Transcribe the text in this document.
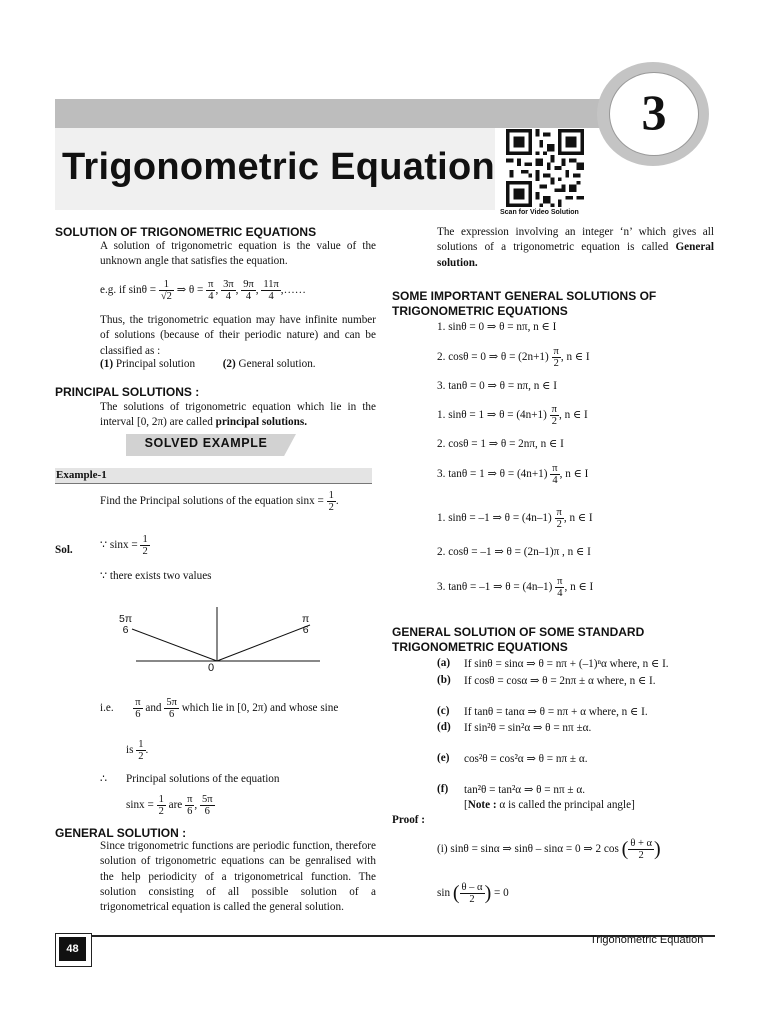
Trigonometric Equation
3
Scan for Video Solution
SOLUTION OF TRIGONOMETRIC EQUATIONS
A solution of trigonometric equation is the value of the unknown angle that satisfies the equation.
e.g. if $\sin\theta = \frac{1}{√2}$ ⇒ $\theta = \frac{\pi}{4}$ , $\frac{3\pi}{4}$ , $\frac{9\pi}{4}$ , $\frac{11\pi}{4}$ ,……
Thus, the trigonometric equation may have infinite number of solutions (because of their periodic nature) and can be classified as :
(1) Principal solution (2) General solution.
PRINCIPAL SOLUTIONS :
The solutions of trigonometric equation which lie in the interval [0, 2π) are called principal solutions.
SOLVED EXAMPLE
Example-1
Find the Principal solutions of the equation $\sin x = \frac{1}{2}$ .
Sol. ∵ $\sin x = \frac{1}{2}$
∵ there exists two values
5π
6
π
6
0
i.e. $\frac{\pi}{6}$ and $\frac{5\pi}{6}$ which lie in [0, 2π) and whose sine
is $\frac{1}{2}$ .
∴ Principal solutions of the equation
$\sin x = \frac{1}{2}$ are $\frac{\pi}{6}$ , $\frac{5\pi}{6}$
GENERAL SOLUTION :
Since trigonometric functions are periodic function, therefore solution of trigonometric equations can be genralised with the help periodicity of a trigonometrical function. The solution consisting of all possible solution of a trigonometrical equation is called the general solution.
The expression involving an integer ‘n’ which gives all solutions of a trigonometric equation is called General solution.
SOME IMPORTANT GENERAL SOLUTIONS OF TRIGONOMETRIC EQUATIONS
1. sinθ = 0 ⇒ θ = nπ, n ∈ I
2. cosθ = 0 ⇒ $\theta = (2n+1) \frac{\pi}{2}$ , n ∈ I
3. tanθ = 0 ⇒ θ = nπ, n ∈ I
1. sinθ = 1 ⇒ $\theta = (4n+1) \frac{\pi}{2}$ , n ∈ I
2. cosθ = 1 ⇒ θ = 2nπ, n ∈ I
3. tanθ = 1 ⇒ $\theta = (4n+1) \frac{\pi}{4}$ , n ∈ I
1. sinθ = –1 ⇒ $\theta = (4n-1) \frac{\pi}{2}$ , n ∈ I
2. cosθ = –1 ⇒ θ = (2n–1)π , n ∈ I
3. tanθ = –1 ⇒ $\theta = (4n-1) \frac{\pi}{4}$ , n ∈ I
GENERAL SOLUTION OF SOME STANDARD TRIGONOMETRIC EQUATIONS
(a) If sinθ = sinα ⇒ θ = nπ + (–1)ⁿα where, n ∈ I.
(b) If cosθ = cosα ⇒ θ = 2nπ ± α where, n ∈ I.
(c) If tanθ = tanα ⇒ θ = nπ + α where, n ∈ I.
(d) If sin²θ = sin²α ⇒ θ = nπ ±α.
(e) cos²θ = cos²α ⇒ θ = nπ ± α.
(f) tan²θ = tan²α ⇒ θ = nπ ± α.
[Note : α is called the principal angle]
Proof :
(i) sinθ = sinα ⇒ sinθ – sinα = 0 ⇒ 2 cos ( $\frac{\theta + \alpha}{2}$ )
sin ( $\frac{\theta - \alpha}{2}$ ) = 0
48
Trigonometric Equation
